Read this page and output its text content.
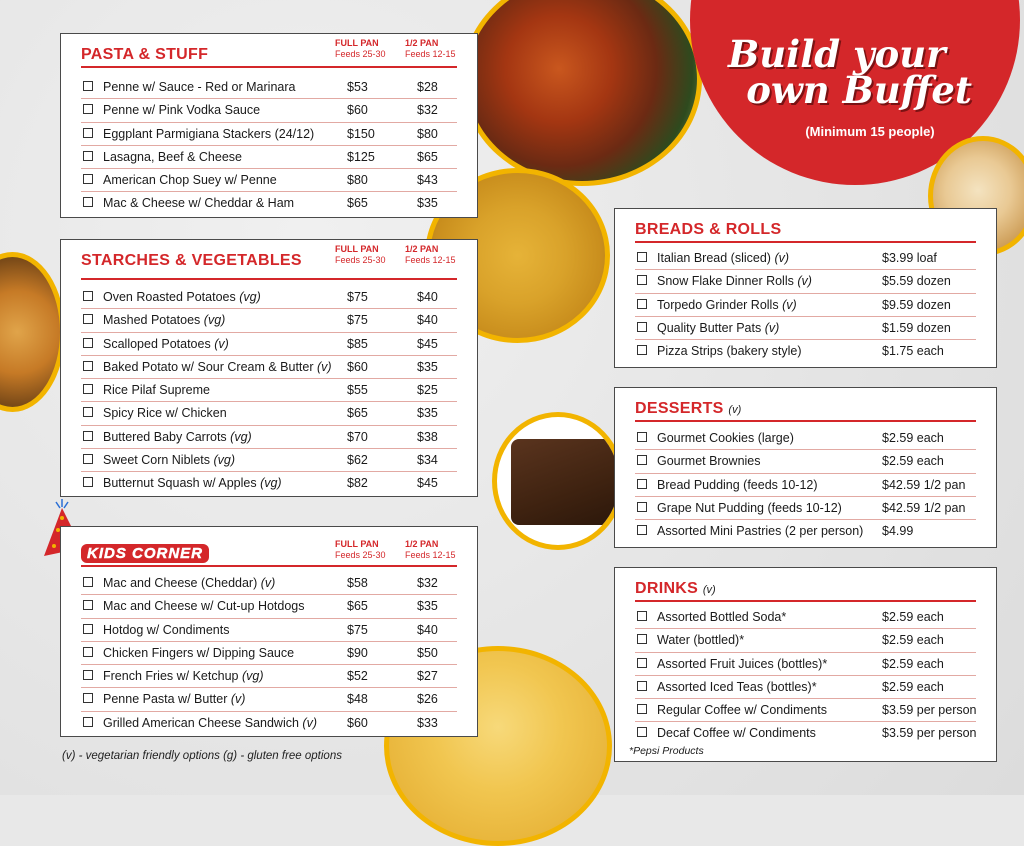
Build your
own Buffet
(Minimum 15 people)
PASTA & STUFF
FULL PAN
Feeds 25-30
1/2 PAN
Feeds 12-15
Penne w/ Sauce - Red or Marinara	$53	$28
Penne w/ Pink Vodka Sauce	$60	$32
Eggplant Parmigiana Stackers (24/12)	$150	$80
Lasagna, Beef & Cheese	$125	$65
American Chop Suey w/ Penne	$80	$43
Mac & Cheese w/ Cheddar & Ham	$65	$35
STARCHES & VEGETABLES
FULL PAN
Feeds 25-30
1/2 PAN
Feeds 12-15
Oven Roasted Potatoes (vg)	$75	$40
Mashed Potatoes (vg)	$75	$40
Scalloped Potatoes (v)	$85	$45
Baked Potato w/ Sour Cream & Butter (v) $60	$35
Rice Pilaf Supreme	$55	$25
Spicy Rice w/ Chicken	$65	$35
Buttered Baby Carrots (vg)	$70	$38
Sweet Corn Niblets (vg)	$62	$34
Butternut Squash w/ Apples (vg)	$82	$45
KIDS CORNER
FULL PAN
Feeds 25-30
1/2 PAN
Feeds 12-15
Mac and Cheese (Cheddar) (v)	$58	$32
Mac and Cheese w/ Cut-up Hotdogs	$65	$35
Hotdog w/ Condiments	$75	$40
Chicken Fingers w/ Dipping Sauce	$90	$50
French Fries w/ Ketchup (vg)	$52	$27
Penne Pasta w/ Butter (v)	$48	$26
Grilled American Cheese Sandwich (v) $60	$33
BREADS & ROLLS
Italian Bread (sliced) (v)	$3.99 loaf
Snow Flake Dinner Rolls (v)	$5.59 dozen
Torpedo Grinder Rolls (v)	$9.59 dozen
Quality Butter Pats (v)	$1.59 dozen
Pizza Strips (bakery style)	$1.75 each
DESSERTS (v)
Gourmet Cookies (large)	$2.59 each
Gourmet Brownies	$2.59 each
Bread Pudding (feeds 10-12)	$42.59 1/2 pan
Grape Nut Pudding (feeds 10-12)	$42.59 1/2 pan
Assorted Mini Pastries (2 per person) $4.99
DRINKS (v)
Assorted Bottled Soda*	$2.59 each
Water (bottled)*	$2.59 each
Assorted Fruit Juices (bottles)*	$2.59 each
Assorted Iced Teas (bottles)*	$2.59 each
Regular Coffee w/ Condiments	$3.59 per person
Decaf Coffee w/ Condiments	$3.59 per person
*Pepsi Products
(v) - vegetarian friendly options (g) - gluten free options
